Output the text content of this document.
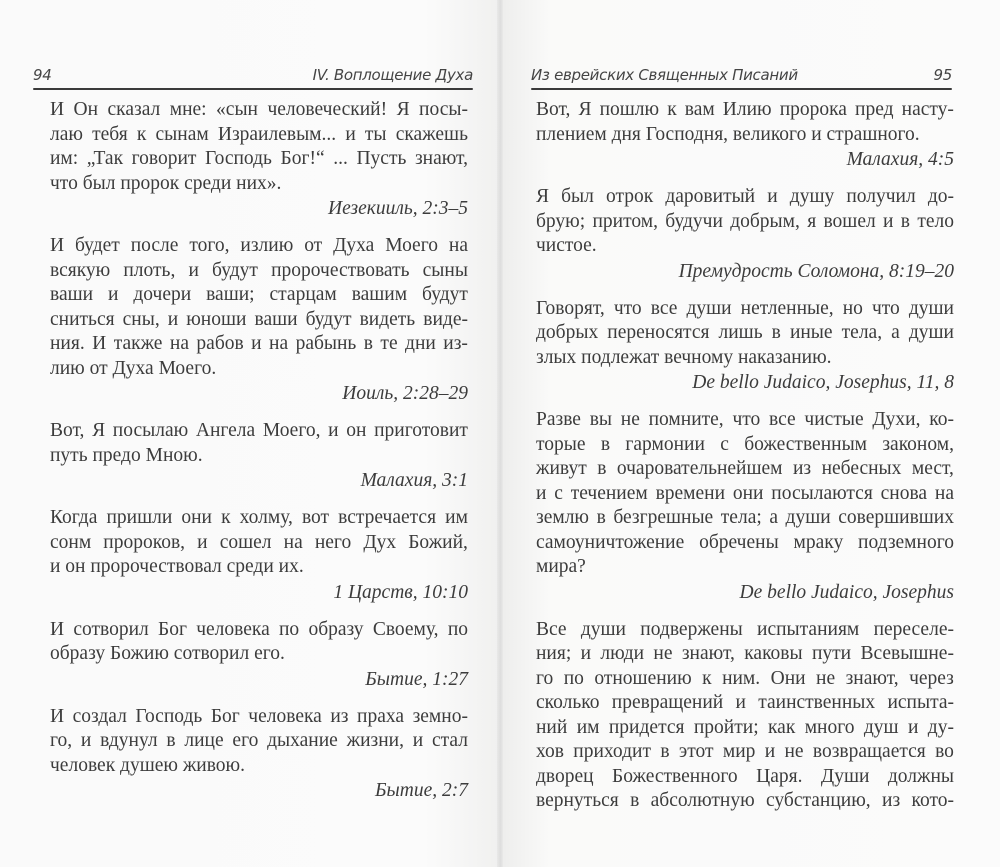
94	IV. Воплощение Духа
И Он сказал мне: «сын человеческий! Я посы-
лаю тебя к сынам Израилевым... и ты скажешь
им: „Так говорит Господь Бог!“ ... Пусть знают,
что был пророк среди них».
Иезекииль, 2:3–5
И будет после того, излию от Духа Моего на
всякую плоть, и будут пророчествовать сыны
ваши и дочери ваши; старцам вашим будут
сниться сны, и юноши ваши будут видеть виде-
ния. И также на рабов и на рабынь в те дни из-
лию от Духа Моего.
Иоиль, 2:28–29
Вот, Я посылаю Ангела Моего, и он приготовит
путь предо Мною.
Малахия, 3:1
Когда пришли они к холму, вот встречается им
сонм пророков, и сошел на него Дух Божий,
и он пророчествовал среди их.
1 Царств, 10:10
И сотворил Бог человека по образу Своему, по
образу Божию сотворил его.
Бытие, 1:27
И создал Господь Бог человека из праха земно-
го, и вдунул в лице его дыхание жизни, и стал
человек душею живою.
Бытие, 2:7
Из еврейских Священных Писаний	95
Вот, Я пошлю к вам Илию пророка пред насту-
плением дня Господня, великого и страшного.
Малахия, 4:5
Я был отрок даровитый и душу получил до-
брую; притом, будучи добрым, я вошел и в тело
чистое.
Премудрость Соломона, 8:19–20
Говорят, что все души нетленные, но что души
добрых переносятся лишь в иные тела, а души
злых подлежат вечному наказанию.
De bello Judaico, Josephus, 11, 8
Разве вы не помните, что все чистые Духи, ко-
торые в гармонии с божественным законом,
живут в очаровательнейшем из небесных мест,
и с течением времени они посылаются снова на
землю в безгрешные тела; а души совершивших
самоуничтожение обречены мраку подземного
мира?
De bello Judaico, Josephus
Все души подвержены испытаниям переселе-
ния; и люди не знают, каковы пути Всевышне-
го по отношению к ним. Они не знают, через
сколько превращений и таинственных испыта-
ний им придется пройти; как много душ и ду-
хов приходит в этот мир и не возвращается во
дворец Божественного Царя. Души должны
вернуться в абсолютную субстанцию, из кото-
